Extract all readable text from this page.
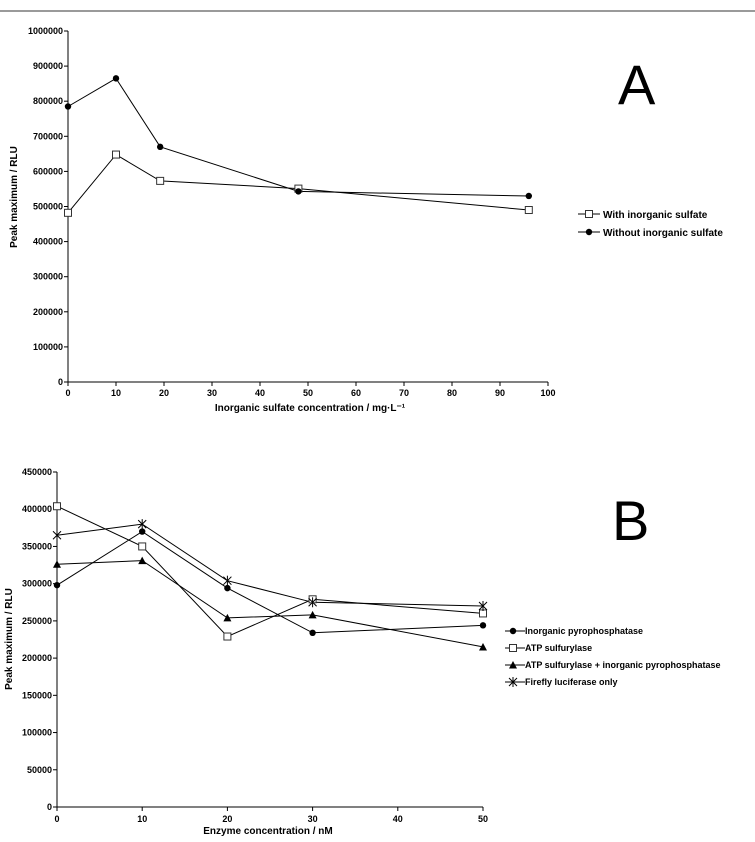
0
100000
200000
300000
400000
500000
600000
700000
800000
900000
1000000
0	10	20	30	40	50	60	70	80	90	100
Inorganic sulfate concentration / mg·L⁻¹
Peak maximum / RLU
A
With inorganic sulfate
Without inorganic sulfate
0
50000
100000
150000
200000
250000
300000
350000
400000
450000
0	10	20	30	40	50
Enzyme concentration / nM
Peak maximum / RLU
B
Inorganic pyrophosphatase
ATP sulfurylase
ATP sulfurylase + inorganic pyrophosphatase
Firefly luciferase only
